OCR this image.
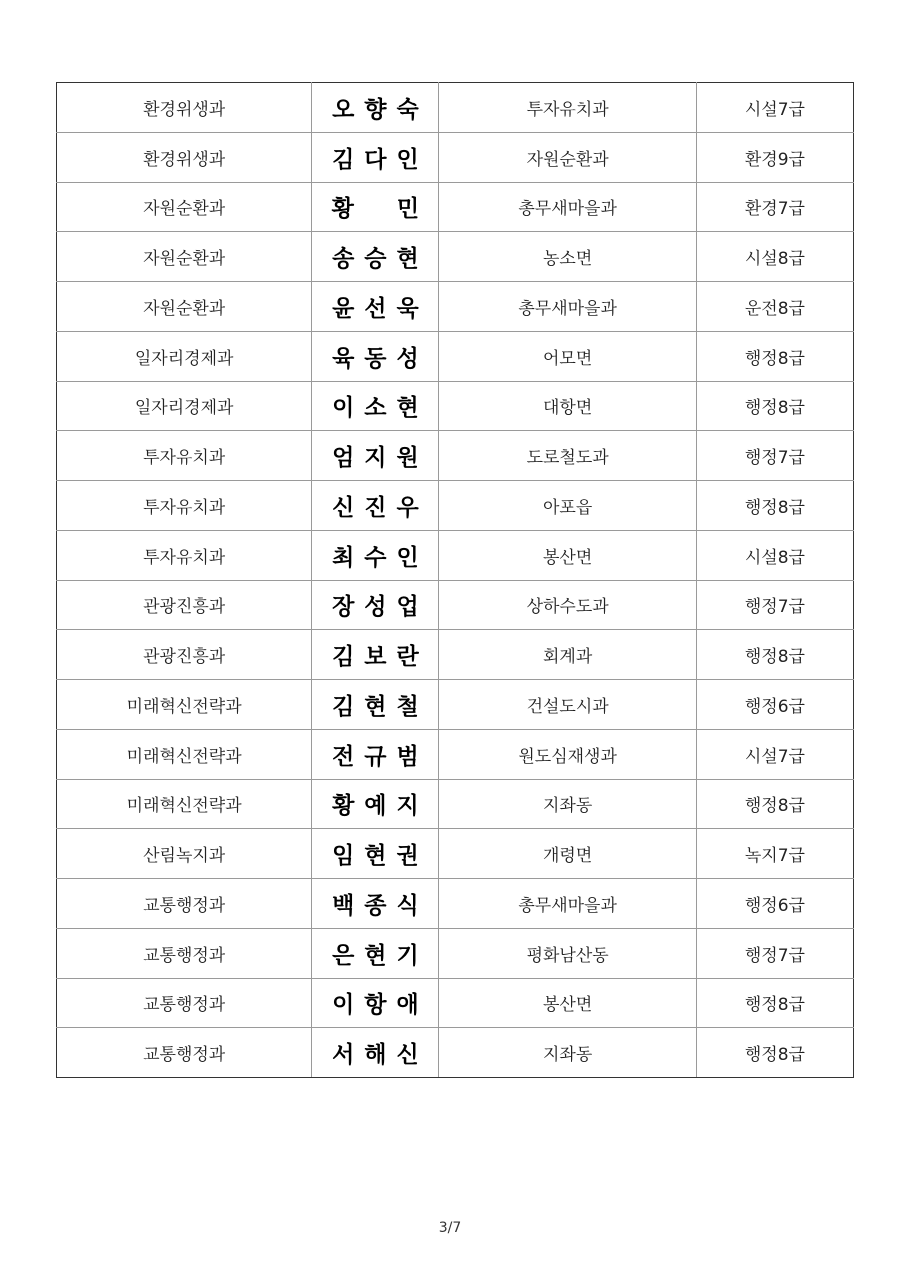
환경위생과	오향숙	투자유치과	시설7급
환경위생과	김다인	자원순환과	환경9급
자원순환과	황　민	총무새마을과	환경7급
자원순환과	송승현	농소면	시설8급
자원순환과	윤선욱	총무새마을과	운전8급
일자리경제과	육동성	어모면	행정8급
일자리경제과	이소현	대항면	행정8급
투자유치과	엄지원	도로철도과	행정7급
투자유치과	신진우	아포읍	행정8급
투자유치과	최수인	봉산면	시설8급
관광진흥과	장성업	상하수도과	행정7급
관광진흥과	김보란	회계과	행정8급
미래혁신전략과	김현철	건설도시과	행정6급
미래혁신전략과	전규범	원도심재생과	시설7급
미래혁신전략과	황예지	지좌동	행정8급
산림녹지과	임현권	개령면	녹지7급
교통행정과	백종식	총무새마을과	행정6급
교통행정과	은현기	평화남산동	행정7급
교통행정과	이항애	봉산면	행정8급
교통행정과	서해신	지좌동	행정8급
3/7
